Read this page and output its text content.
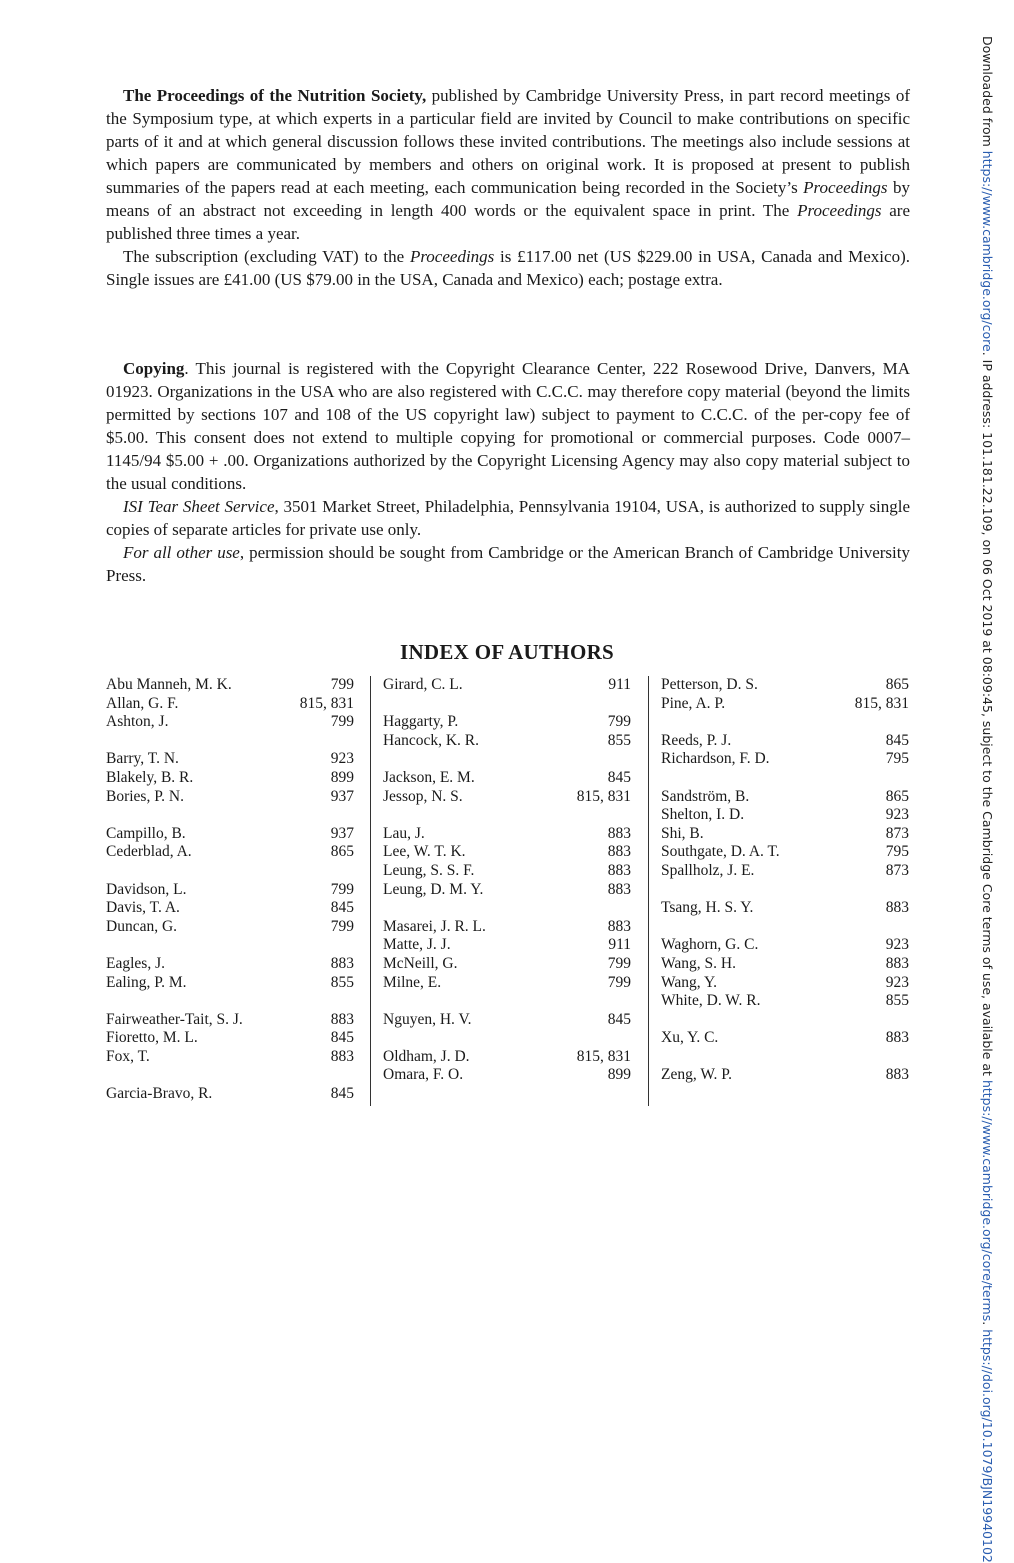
The Proceedings of the Nutrition Society, published by Cambridge University Press, in part record meetings of the Symposium type, at which experts in a particular field are invited by Council to make contributions on specific parts of it and at which general discussion follows these invited contributions. The meetings also include sessions at which papers are communicated by members and others on original work. It is proposed at present to publish summaries of the papers read at each meeting, each communication being recorded in the Society’s Proceedings by means of an abstract not exceeding in length 400 words or the equivalent space in print. The Proceedings are published three times a year.

The subscription (excluding VAT) to the Proceedings is £117.00 net (US $229.00 in USA, Canada and Mexico). Single issues are £41.00 (US $79.00 in the USA, Canada and Mexico) each; postage extra.

Copying. This journal is registered with the Copyright Clearance Center, 222 Rosewood Drive, Danvers, MA 01923. Organizations in the USA who are also registered with C.C.C. may therefore copy material (beyond the limits permitted by sections 107 and 108 of the US copyright law) subject to payment to C.C.C. of the per-copy fee of $5.00. This consent does not extend to multiple copying for promotional or commercial purposes. Code 0007–1145/94 $5.00 + .00. Organizations authorized by the Copyright Licensing Agency may also copy material subject to the usual conditions.

ISI Tear Sheet Service, 3501 Market Street, Philadelphia, Pennsylvania 19104, USA, is authorized to supply single copies of separate articles for private use only.

For all other use, permission should be sought from Cambridge or the American Branch of Cambridge University Press.

INDEX OF AUTHORS
Abu Manneh, M. K.	799
Allan, G. F.	815, 831
Ashton, J.	799
Barry, T. N.	923
Blakely, B. R.	899
Bories, P. N.	937
Campillo, B.	937
Cederblad, A.	865
Davidson, L.	799
Davis, T. A.	845
Duncan, G.	799
Eagles, J.	883
Ealing, P. M.	855
Fairweather-Tait, S. J.	883
Fioretto, M. L.	845
Fox, T.	883
Garcia-Bravo, R.	845
Girard, C. L.	911
Haggarty, P.	799
Hancock, K. R.	855
Jackson, E. M.	845
Jessop, N. S.	815, 831
Lau, J.	883
Lee, W. T. K.	883
Leung, S. S. F.	883
Leung, D. M. Y.	883
Masarei, J. R. L.	883
Matte, J. J.	911
McNeill, G.	799
Milne, E.	799
Nguyen, H. V.	845
Oldham, J. D.	815, 831
Omara, F. O.	899
Petterson, D. S.	865
Pine, A. P.	815, 831
Reeds, P. J.	845
Richardson, F. D.	795
Sandström, B.	865
Shelton, I. D.	923
Shi, B.	873
Southgate, D. A. T.	795
Spallholz, J. E.	873
Tsang, H. S. Y.	883
Waghorn, G. C.	923
Wang, S. H.	883
Wang, Y.	923
White, D. W. R.	855
Xu, Y. C.	883
Zeng, W. P.	883
Downloaded from https://www.cambridge.org/core. IP address: 101.181.22.109, on 06 Oct 2019 at 08:09:45, subject to the Cambridge Core terms of use, available at https://www.cambridge.org/core/terms. https://doi.org/10.1079/BJN19940102
